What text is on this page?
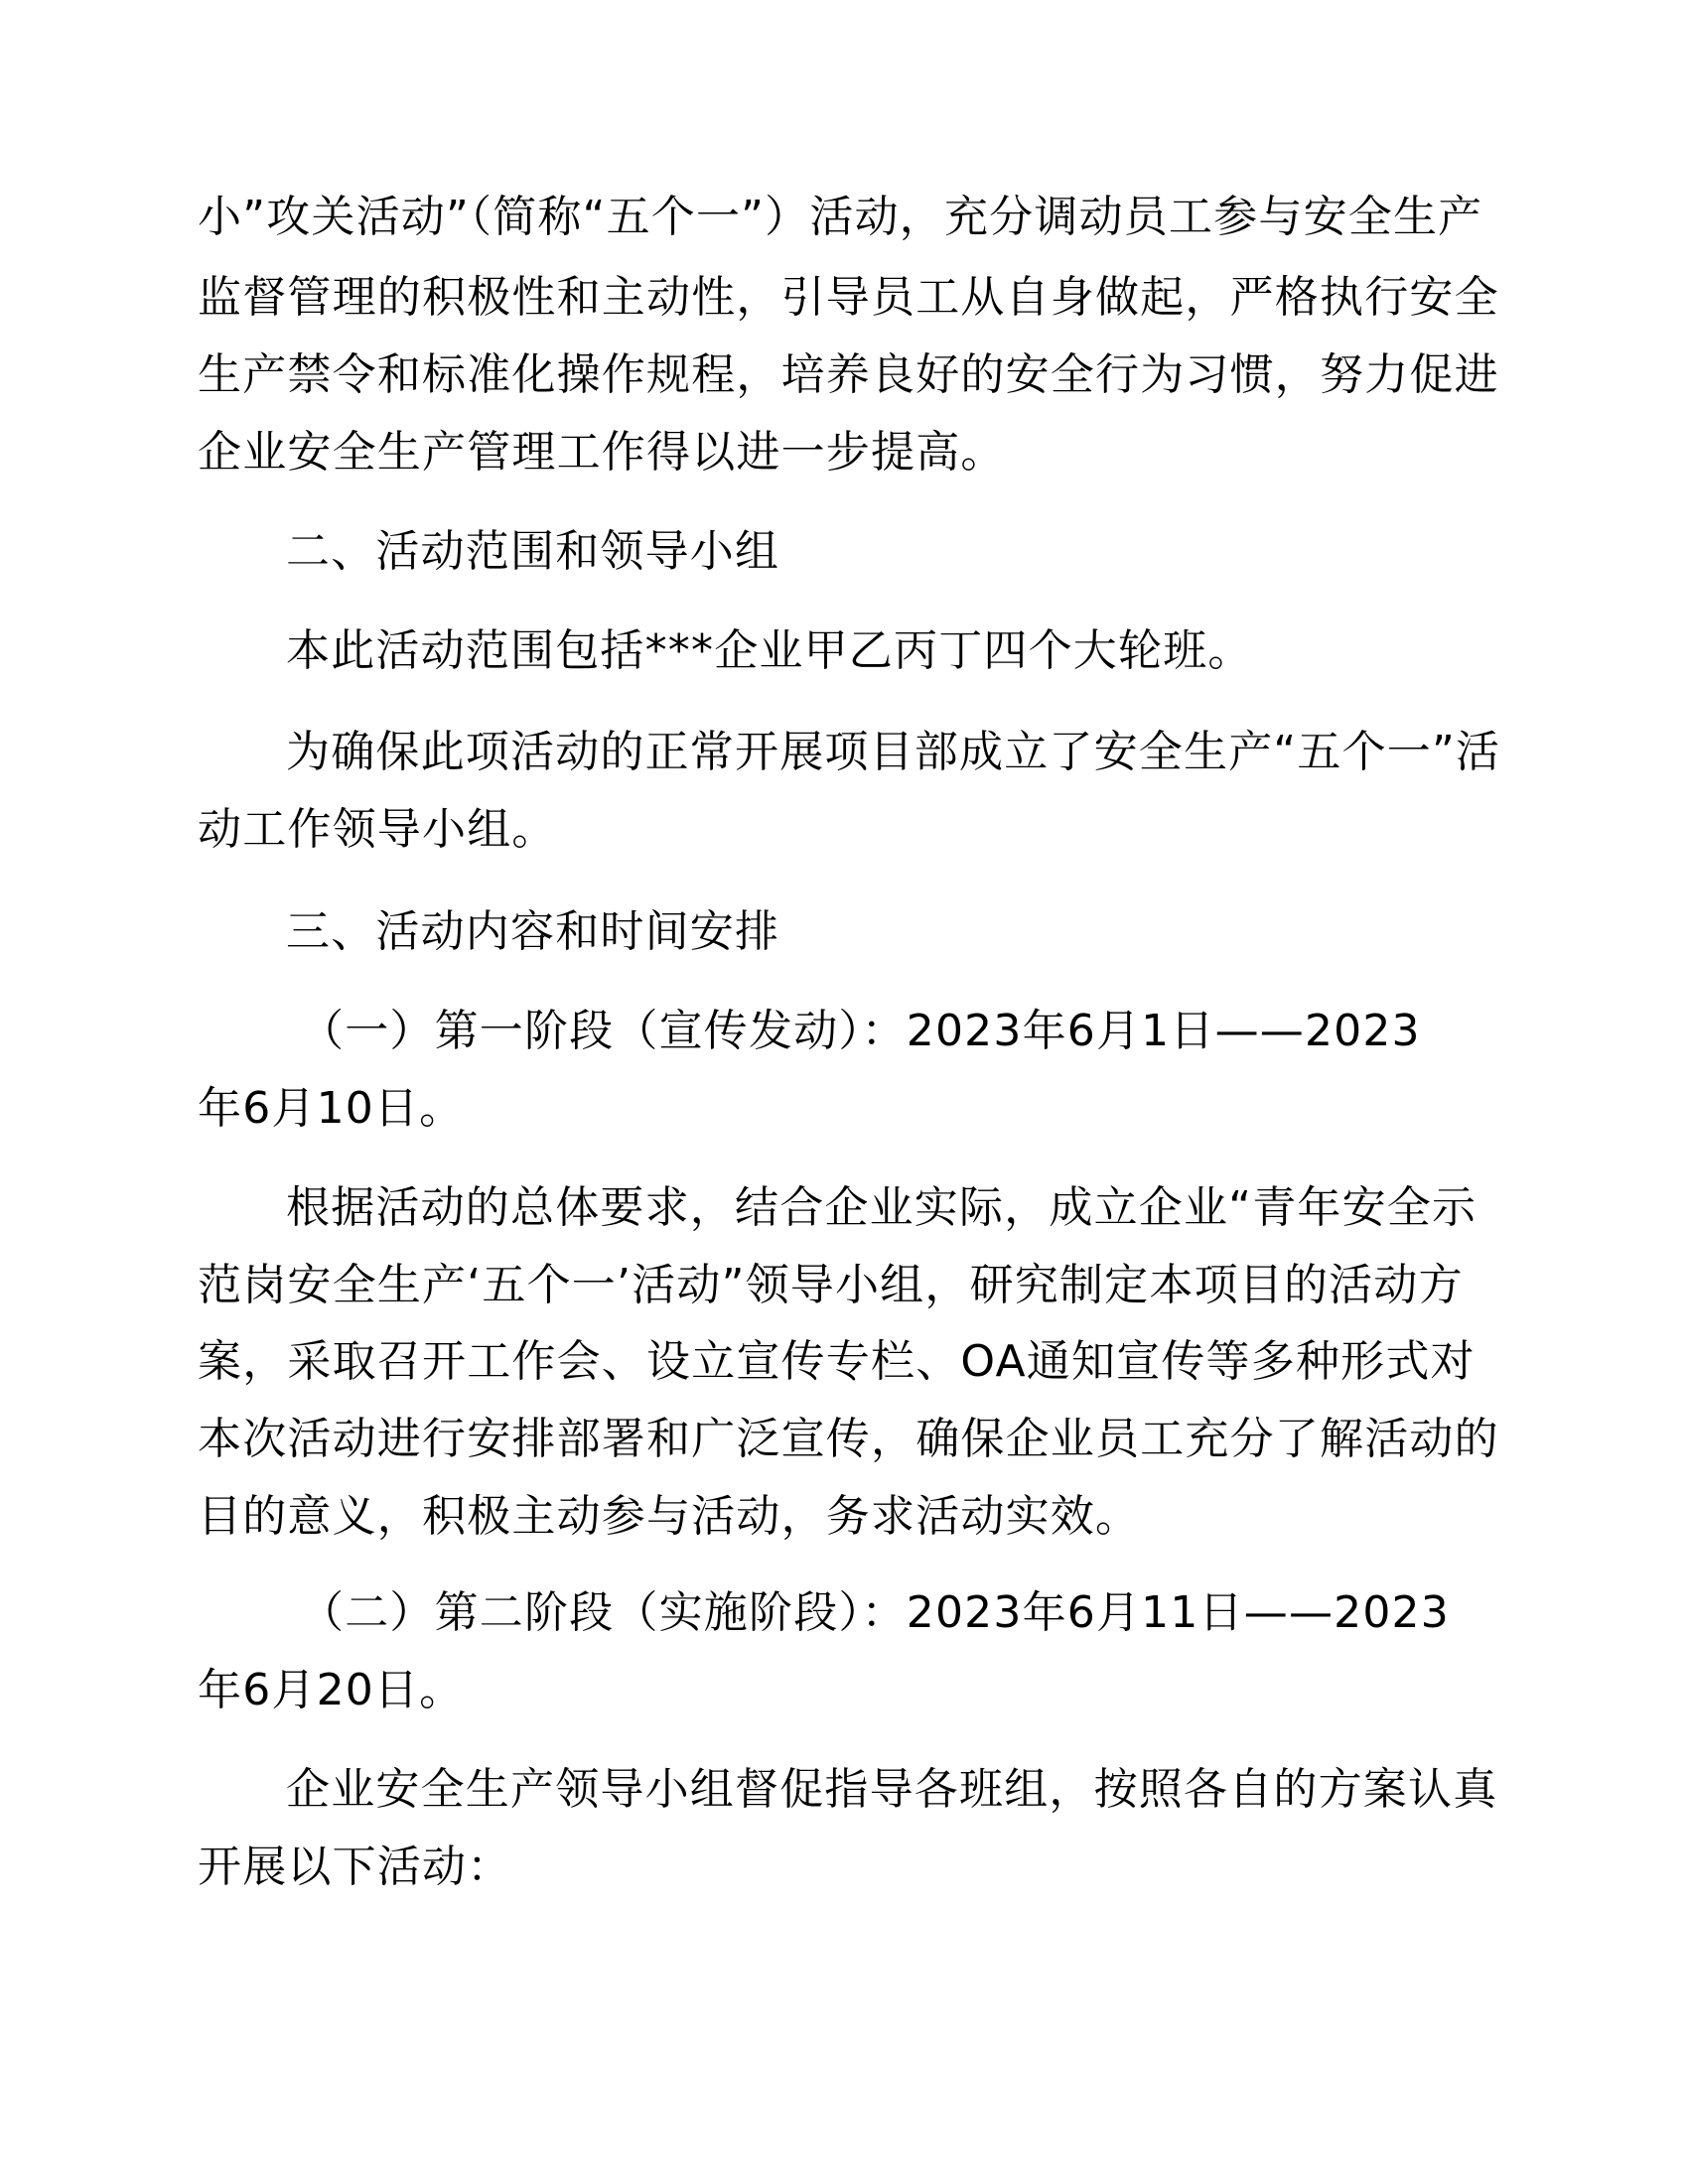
小”攻关活动”（简称“五个一”）活动，充分调动员工参与安全生产
监督管理的积极性和主动性，引导员工从自身做起，严格执行安全
生产禁令和标准化操作规程，培养良好的安全行为习惯，努力促进
企业安全生产管理工作得以进一步提高。
二、活动范围和领导小组
本此活动范围包括***企业甲乙丙丁四个大轮班。
为确保此项活动的正常开展项目部成立了安全生产“五个一”活
动工作领导小组。
三、活动内容和时间安排
（一）第一阶段（宣传发动）：2023年6月1日——2023
年6月10日。
根据活动的总体要求，结合企业实际，成立企业“青年安全示
范岗安全生产‘五个一’活动”领导小组，研究制定本项目的活动方
案，采取召开工作会、设立宣传专栏、OA通知宣传等多种形式对
本次活动进行安排部署和广泛宣传，确保企业员工充分了解活动的
目的意义，积极主动参与活动，务求活动实效。
（二）第二阶段（实施阶段）：2023年6月11日——2023
年6月20日。
企业安全生产领导小组督促指导各班组，按照各自的方案认真
开展以下活动：
